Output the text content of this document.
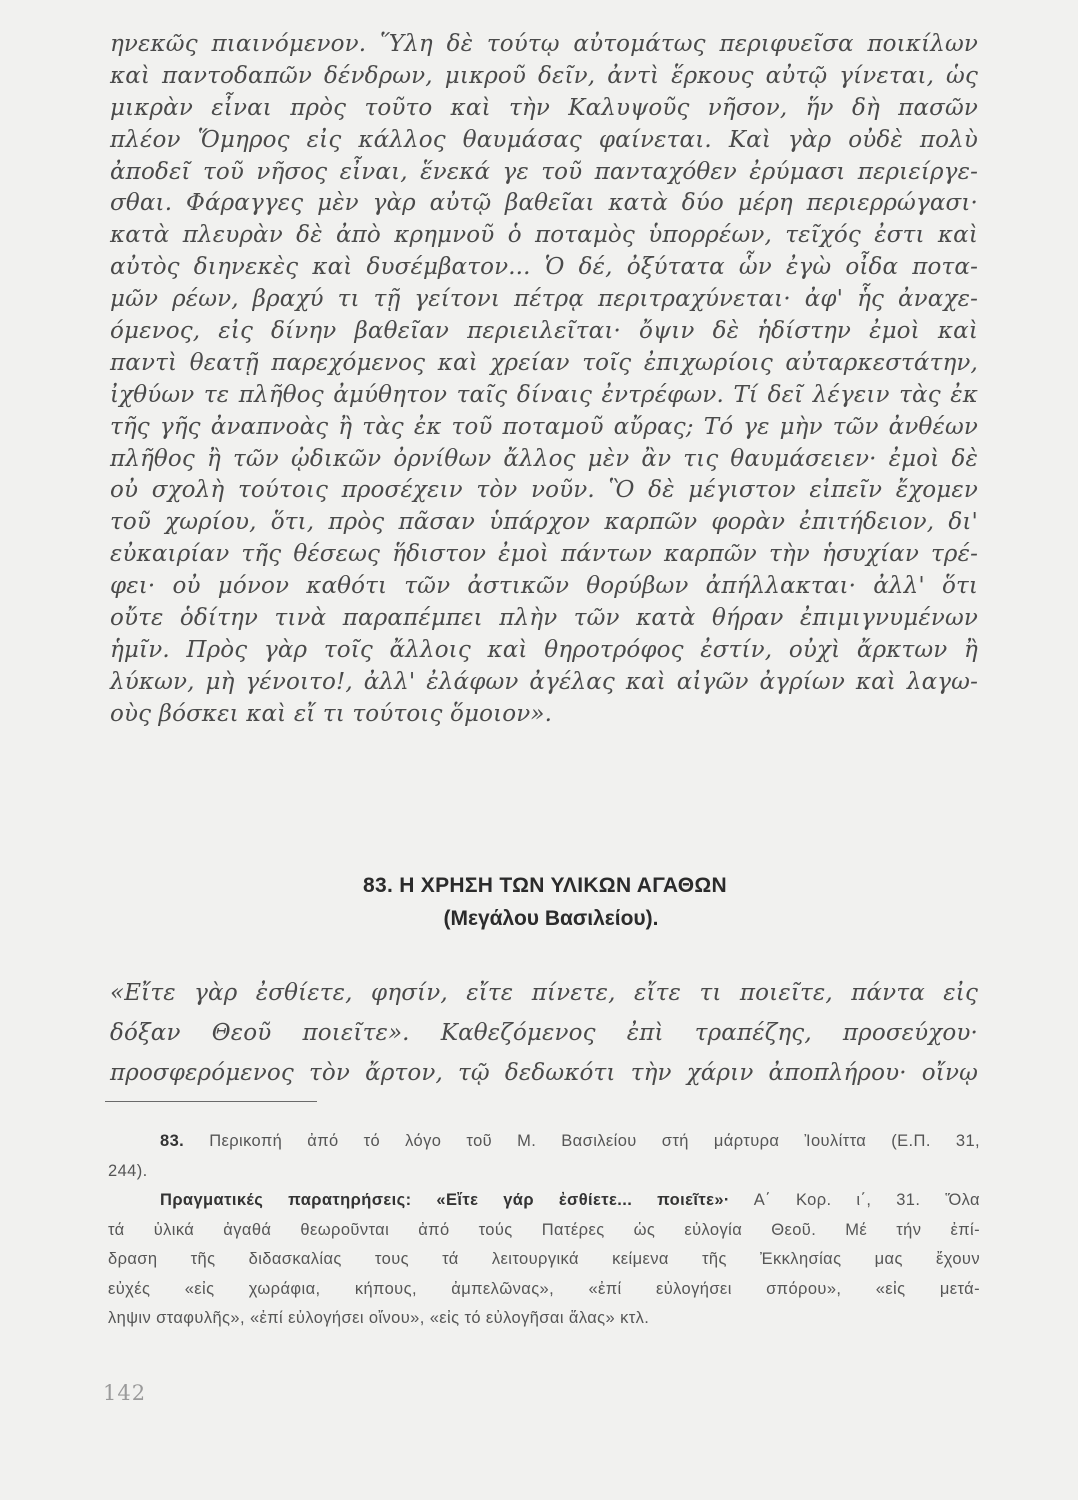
ηνεκῶς πιαινόμενον. Ὕλη δὲ τούτῳ αὐτομάτως περιφυεῖσα ποικίλων
καὶ παντοδαπῶν δένδρων, μικροῦ δεῖν, ἀντὶ ἕρκους αὐτῷ γίνεται, ὡς
μικρὰν εἶναι πρὸς τοῦτο καὶ τὴν Καλυψοῦς νῆσον, ἥν δὴ πασῶν
πλέον Ὅμηρος εἰς κάλλος θαυμάσας φαίνεται. Καὶ γὰρ οὐδὲ πολὺ
ἀποδεῖ τοῦ νῆσος εἶναι, ἕνεκά γε τοῦ πανταχόθεν ἐρύμασι περιείργε-
σθαι. Φάραγγες μὲν γὰρ αὐτῷ βαθεῖαι κατὰ δύο μέρη περιερρώγασι·
κατὰ πλευρὰν δὲ ἀπὸ κρημνοῦ ὁ ποταμὸς ὑπορρέων, τεῖχός ἐστι καὶ
αὐτὸς διηνεκὲς καὶ δυσέμβατον... Ὁ δέ, ὀξύτατα ὧν ἐγὼ οἶδα ποτα-
μῶν ρέων, βραχύ τι τῇ γείτονι πέτρᾳ περιτραχύνεται· ἀφ' ἧς ἀναχε-
όμενος, εἰς δίνην βαθεῖαν περιειλεῖται· ὄψιν δὲ ἡδίστην ἐμοὶ καὶ
παντὶ θεατῇ παρεχόμενος καὶ χρείαν τοῖς ἐπιχωρίοις αὐταρκεστάτην,
ἰχθύων τε πλῆθος ἀμύθητον ταῖς δίναις ἐντρέφων. Τί δεῖ λέγειν τὰς ἐκ
τῆς γῆς ἀναπνοὰς ἢ τὰς ἐκ τοῦ ποταμοῦ αὔρας; Τό γε μὴν τῶν ἀνθέων
πλῆθος ἢ τῶν ᾠδικῶν ὀρνίθων ἄλλος μὲν ἂν τις θαυμάσειεν· ἐμοὶ δὲ
οὐ σχολὴ τούτοις προσέχειν τὸν νοῦν. Ὃ δὲ μέγιστον εἰπεῖν ἔχομεν
τοῦ χωρίου, ὅτι, πρὸς πᾶσαν ὑπάρχον καρπῶν φορὰν ἐπιτήδειον, δι'
εὐκαιρίαν τῆς θέσεως ἥδιστον ἐμοὶ πάντων καρπῶν τὴν ἡσυχίαν τρέ-
φει· οὐ μόνον καθότι τῶν ἀστικῶν θορύβων ἀπήλλακται· ἀλλ' ὅτι
οὔτε ὁδίτην τινὰ παραπέμπει πλὴν τῶν κατὰ θήραν ἐπιμιγνυμένων
ἡμῖν. Πρὸς γὰρ τοῖς ἄλλοις καὶ θηροτρόφος ἐστίν, οὐχὶ ἄρκτων ἢ
λύκων, μὴ γένοιτο!, ἀλλ' ἐλάφων ἀγέλας καὶ αἰγῶν ἀγρίων καὶ λαγω-
οὺς βόσκει καὶ εἴ τι τούτοις ὅμοιον».
83. Η ΧΡΗΣΗ ΤΩΝ ΥΛΙΚΩΝ ΑΓΑΘΩΝ
(Μεγάλου Βασιλείου).
«Εἴτε γὰρ ἐσθίετε, φησίν, εἴτε πίνετε, εἴτε τι ποιεῖτε, πάντα εἰς
δόξαν Θεοῦ ποιεῖτε». Καθεζόμενος ἐπὶ τραπέζης, προσεύχου·
προσφερόμενος τὸν ἄρτον, τῷ δεδωκότι τὴν χάριν ἀποπλήρου· οἴνῳ
83. Περικοπή ἀπό τό λόγο τοῦ Μ. Βασιλείου στή μάρτυρα Ἰουλίττα (Ε.Π. 31,
244).
Πραγματικές παρατηρήσεις: «Εἴτε γάρ ἐσθίετε... ποιεῖτε»· Α΄ Κορ. ι΄, 31. Ὅλα
τά ὑλικά ἀγαθά θεωροῦνται ἀπό τούς Πατέρες ὡς εὐλογία Θεοῦ. Μέ τήν ἐπί-
δραση τῆς διδασκαλίας τους τά λειτουργικά κείμενα τῆς Ἐκκλησίας μας ἔχουν
εὐχές «εἰς χωράφια, κήπους, ἀμπελῶνας», «ἐπί εὐλογήσει σπόρου», «εἰς μετά-
ληψιν σταφυλῆς», «ἐπί εὐλογήσει οἴνου», «εἰς τό εὐλογῆσαι ἅλας» κτλ.
142
